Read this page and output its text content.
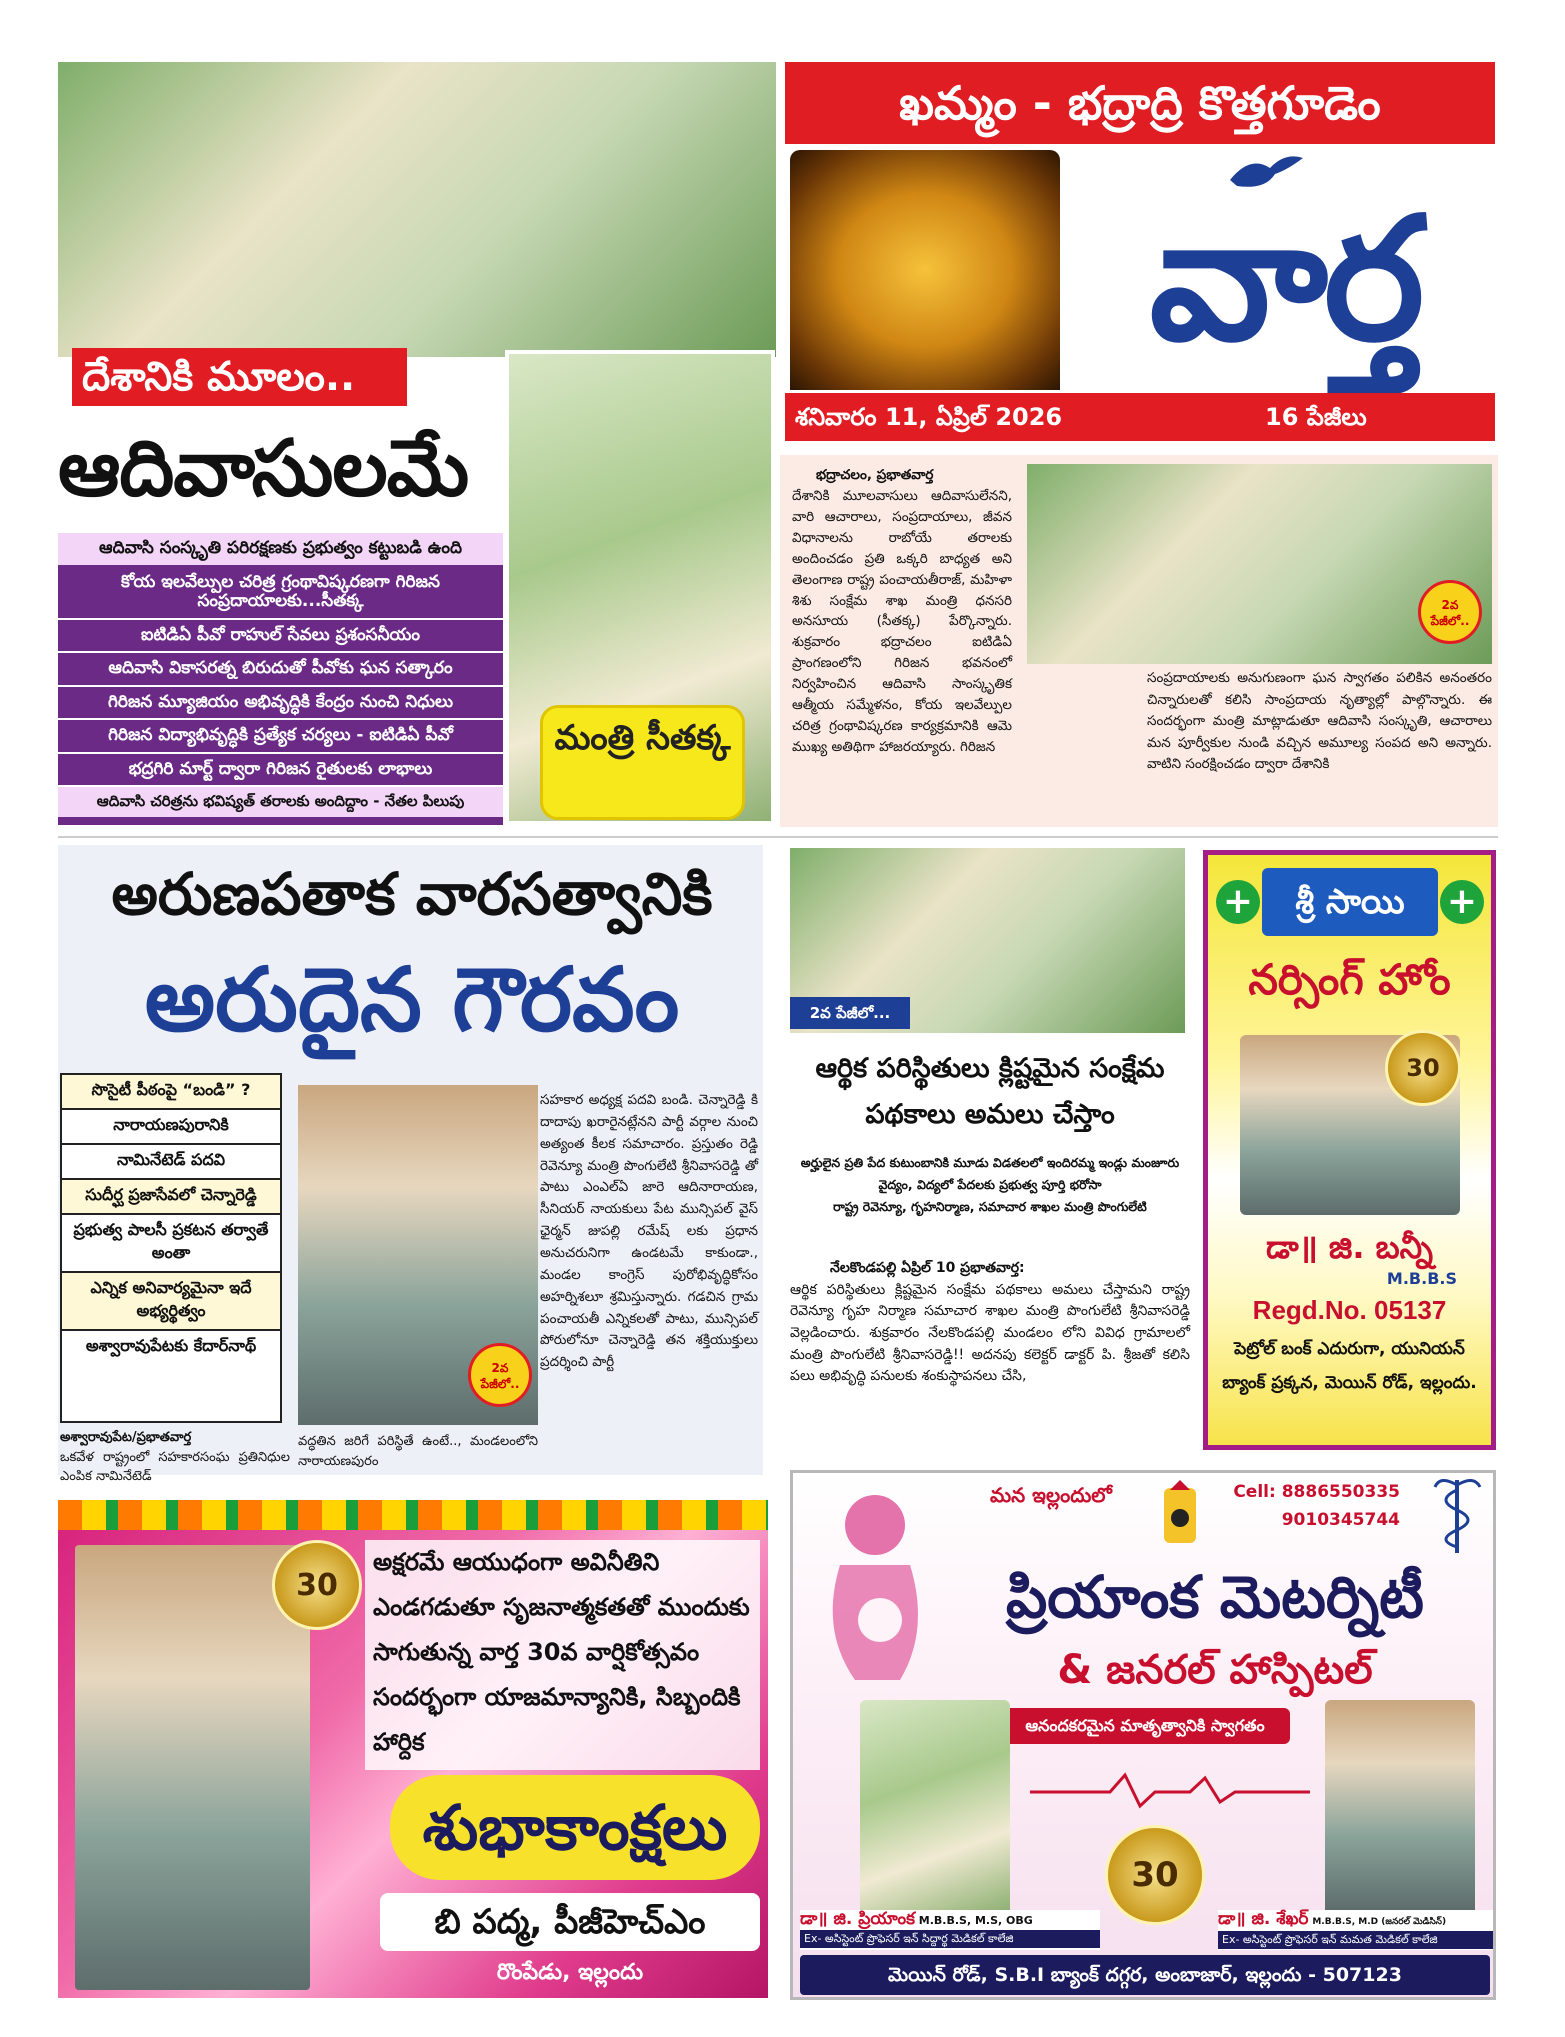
దేశానికి మూలం..
ఆదివాసులమే
మంత్రి సీతక్క
ఆదివాసి సంస్కృతి పరిరక్షణకు ప్రభుత్వం కట్టుబడి ఉంది
కోయ ఇలవేల్పుల చరిత్ర గ్రంథావిష్కరణగా గిరిజన సంప్రదాయాలకు...సీతక్క
ఐటిడిఏ పీవో రాహుల్ సేవలు ప్రశంసనీయం
ఆదివాసి వికాసరత్న బిరుదుతో పీవోకు ఘన సత్కారం
గిరిజన మ్యూజియం అభివృద్ధికి కేంద్రం నుంచి నిధులు
గిరిజన విద్యాభివృద్ధికి ప్రత్యేక చర్యలు - ఐటిడిఏ పీవో
భద్రగిరి మార్ట్ ద్వారా గిరిజన రైతులకు లాభాలు
ఆదివాసి చరిత్రను భవిష్యత్ తరాలకు అందిద్దాం - నేతల పిలుపు
ఖమ్మం - భద్రాద్రి కొత్తగూడెం
వార్త
శనివారం 11, ఏప్రిల్ 2026	16 పేజీలు
భద్రాచలం, ప్రభాతవార్త
దేశానికి మూలవాసులు ఆదివాసులేనని, వారి ఆచారాలు, సంప్రదాయాలు, జీవన విధానాలను రాబోయే తరాలకు అందించడం ప్రతి ఒక్కరి బాధ్యత అని తెలంగాణ రాష్ట్ర పంచాయతీరాజ్, మహిళా శిశు సంక్షేమ శాఖ మంత్రి ధనసరి అనసూయ (సీతక్క) పేర్కొన్నారు. శుక్రవారం భద్రాచలం ఐటిడిఏ ప్రాంగణంలోని గిరిజన భవనంలో నిర్వహించిన ఆదివాసి సాంస్కృతిక ఆత్మీయ సమ్మేళనం, కోయ ఇలవేల్పుల చరిత్ర గ్రంథావిష్కరణ కార్యక్రమానికి ఆమె ముఖ్య అతిథిగా హాజరయ్యారు. గిరిజన
2వ పేజీలో..
సంప్రదాయాలకు అనుగుణంగా ఘన స్వాగతం పలికిన అనంతరం చిన్నారులతో కలిసి సాంప్రదాయ నృత్యాల్లో పాల్గొన్నారు. ఈ సందర్భంగా మంత్రి మాట్లాడుతూ ఆదివాసి సంస్కృతి, ఆచారాలు మన పూర్వీకుల నుండి వచ్చిన అమూల్య సంపద అని అన్నారు. వాటిని సంరక్షించడం ద్వారా దేశానికి
అరుణపతాక వారసత్వానికి
అరుదైన గౌరవం
సొసైటీ పీఠంపై “బండి” ?
నారాయణపురానికి
నామినేటెడ్ పదవి
సుదీర్ఘ ప్రజాసేవలో చెన్నారెడ్డి
ప్రభుత్వ పాలసీ ప్రకటన తర్వాతే అంతా
ఎన్నిక అనివార్యమైనా ఇదే అభ్యర్థిత్వం
అశ్వారావుపేటకు కేదార్‌నాథ్
2వ పేజీలో..
అశ్వారావుపేట/ప్రభాతవార్త
ఒకవేళ రాష్ట్రంలో సహకారసంఘ ప్రతినిధుల ఎంపిక నామినేటెడ్
వద్ధతిన జరిగే పరిస్థితే ఉంటే.., మండలంలోని నారాయణపురం
సహకార అధ్యక్ష పదవి బండి. చెన్నారెడ్డి కి దాదాపు ఖరారైనట్లేనని పార్టీ వర్గాల నుంచి అత్యంత కీలక సమాచారం. ప్రస్తుతం రెడ్డి రెవెన్యూ మంత్రి పొంగులేటి శ్రీనివాసరెడ్డి తో పాటు ఎంఎల్ఏ జారె ఆదినారాయణ, సీనియర్ నాయకులు పేట మున్సిపల్ వైస్ ఛైర్మన్ జుపల్లి రమేష్ లకు ప్రధాన అనుచరునిగా ఉండటమే కాకుండా., మండల కాంగ్రెస్ పురోభివృద్ధికోసం అహర్నిశలూ శ్రమిస్తున్నారు. గడచిన గ్రామ పంచాయతీ ఎన్నికలతో పాటు, మున్సిపల్ పోరులోనూ చెన్నారెడ్డి తన శక్తియుక్తులు ప్రదర్శించి పార్టీ
2వ పేజీలో...
ఆర్థిక పరిస్థితులు క్లిష్టమైన సంక్షేమ పథకాలు అమలు చేస్తాం
అర్హులైన ప్రతి పేద కుటుంబానికి మూడు విడతలలో ఇందిరమ్మ ఇండ్లు మంజూరు
వైద్యం, విద్యలో పేదలకు ప్రభుత్వ పూర్తి భరోసా
రాష్ట్ర రెవెన్యూ, గృహనిర్మాణ, సమాచార శాఖల మంత్రి పొంగులేటి
నేలకొండపల్లి ఏప్రిల్ 10 ప్రభాతవార్త:
ఆర్థిక పరిస్థితులు క్లిష్టమైన సంక్షేమ పథకాలు అమలు చేస్తామని రాష్ట్ర రెవెన్యూ గృహ నిర్మాణ సమాచార శాఖల మంత్రి పొంగులేటి శ్రీనివాసరెడ్డి వెల్లడించారు. శుక్రవారం నేలకొండపల్లి మండలం లోని వివిధ గ్రామాలలో మంత్రి పొంగులేటి శ్రీనివాసరెడ్డి!! అదనపు కలెక్టర్ డాక్టర్ పి. శ్రీజతో కలిసి పలు అభివృద్ధి పనులకు శంకుస్థాపనలు చేసి,
+	+
శ్రీ సాయి
నర్సింగ్ హోం
30
డా॥ జి. బన్నీ
M.B.B.S
Regd.No. 05137
పెట్రోల్ బంక్ ఎదురుగా, యునియన్ బ్యాంక్ ప్రక్కన, మెయిన్ రోడ్, ఇల్లందు.
30
అక్షరమే ఆయుధంగా అవినీతిని ఎండగడుతూ సృజనాత్మకతతో ముందుకు సాగుతున్న వార్త 30వ వార్షికోత్సవం సందర్భంగా యాజమాన్యానికి, సిబ్బందికి హార్దిక
శుభాకాంక్షలు
బి పద్మ, పీజీహెచ్ఎం
రొంపేడు, ఇల్లందు
మన ఇల్లందులో	Cell: 8886550335
9010345744
ప్రియాంక మెటర్నిటీ
& జనరల్ హాస్పిటల్
ఆనందకరమైన మాతృత్వానికి స్వాగతం
30
డా॥ జి. ప్రియాంక M.B.B.S, M.S, OBG
Ex- అసిస్టెంట్ ప్రొఫెసర్ ఇన్ సిద్దార్థ మెడికల్ కాలేజి
డా॥ జి. శేఖర్ M.B.B.S, M.D (జనరల్ మెడిసిన్)
Ex- అసిస్టెంట్ ప్రొఫెసర్ ఇన్ మమత మెడికల్ కాలేజి
మెయిన్ రోడ్, S.B.I బ్యాంక్ దగ్గర, అంబాజార్, ఇల్లందు - 507123
